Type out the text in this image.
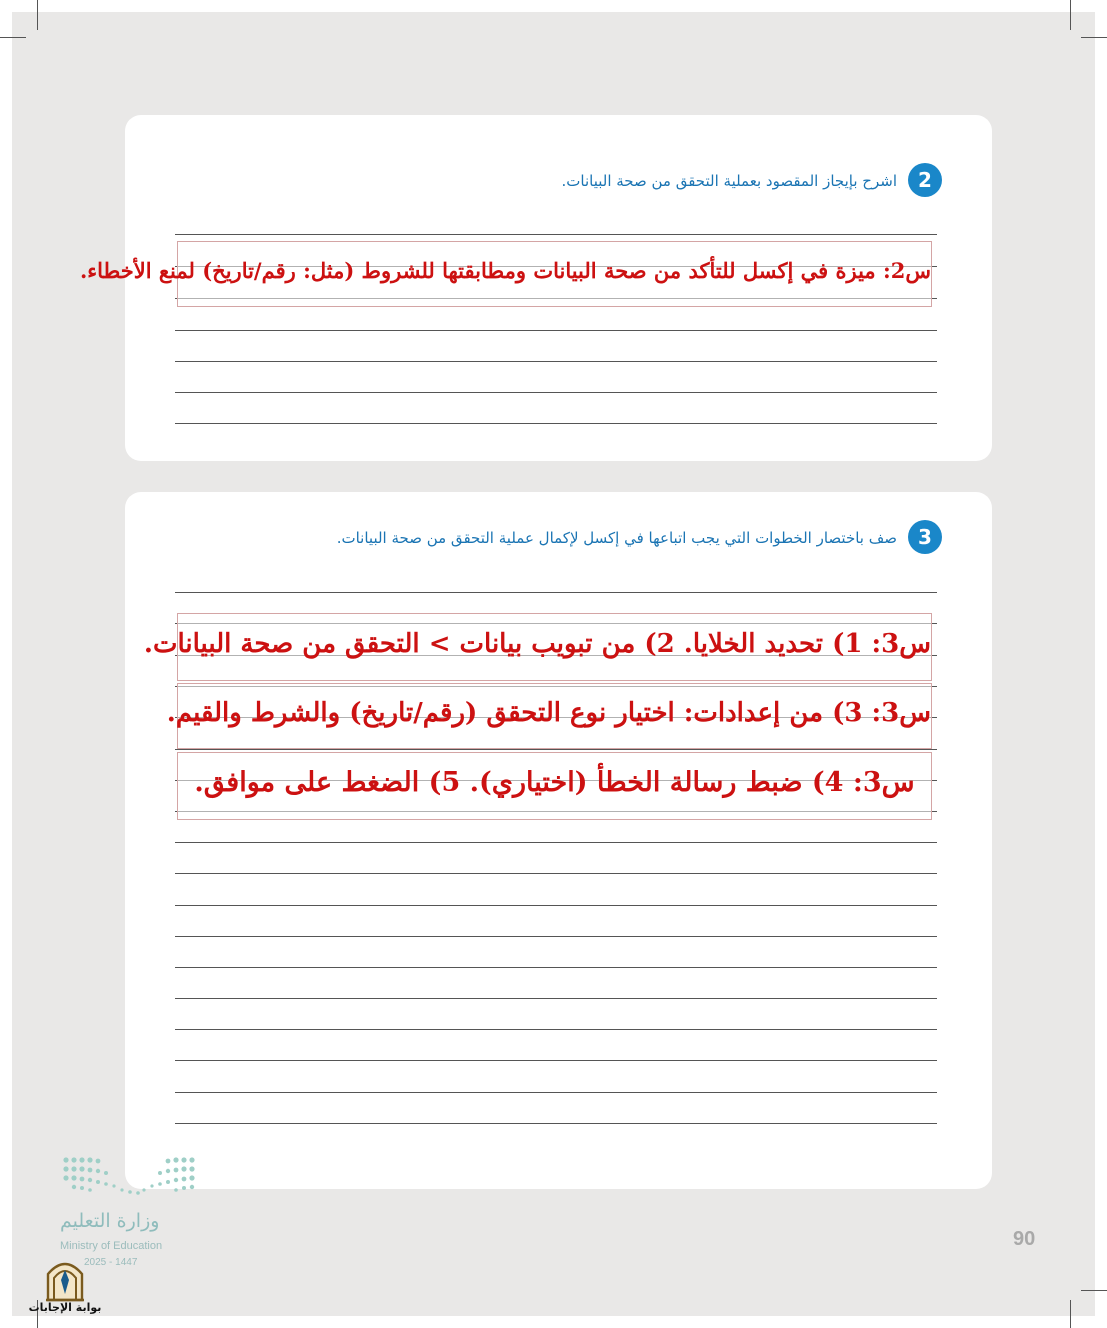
2
اشرح بإيجاز المقصود بعملية التحقق من صحة البيانات.
س2: ميزة في إكسل للتأكد من صحة البيانات ومطابقتها للشروط (مثل: رقم/تاريخ) لمنع الأخطاء.
3
صف باختصار الخطوات التي يجب اتباعها في إكسل لإكمال عملية التحقق من صحة البيانات.
س3: 1) تحديد الخلايا. 2) من تبويب بيانات > التحقق من صحة البيانات.
س3: 3) من إعدادات: اختيار نوع التحقق (رقم/تاريخ) والشرط والقيم.
س3: 4) ضبط رسالة الخطأ (اختياري). 5) الضغط على موافق.
90
وزارة التعليم
Ministry of Education
2025 - 1447
بوابة الإجابات
